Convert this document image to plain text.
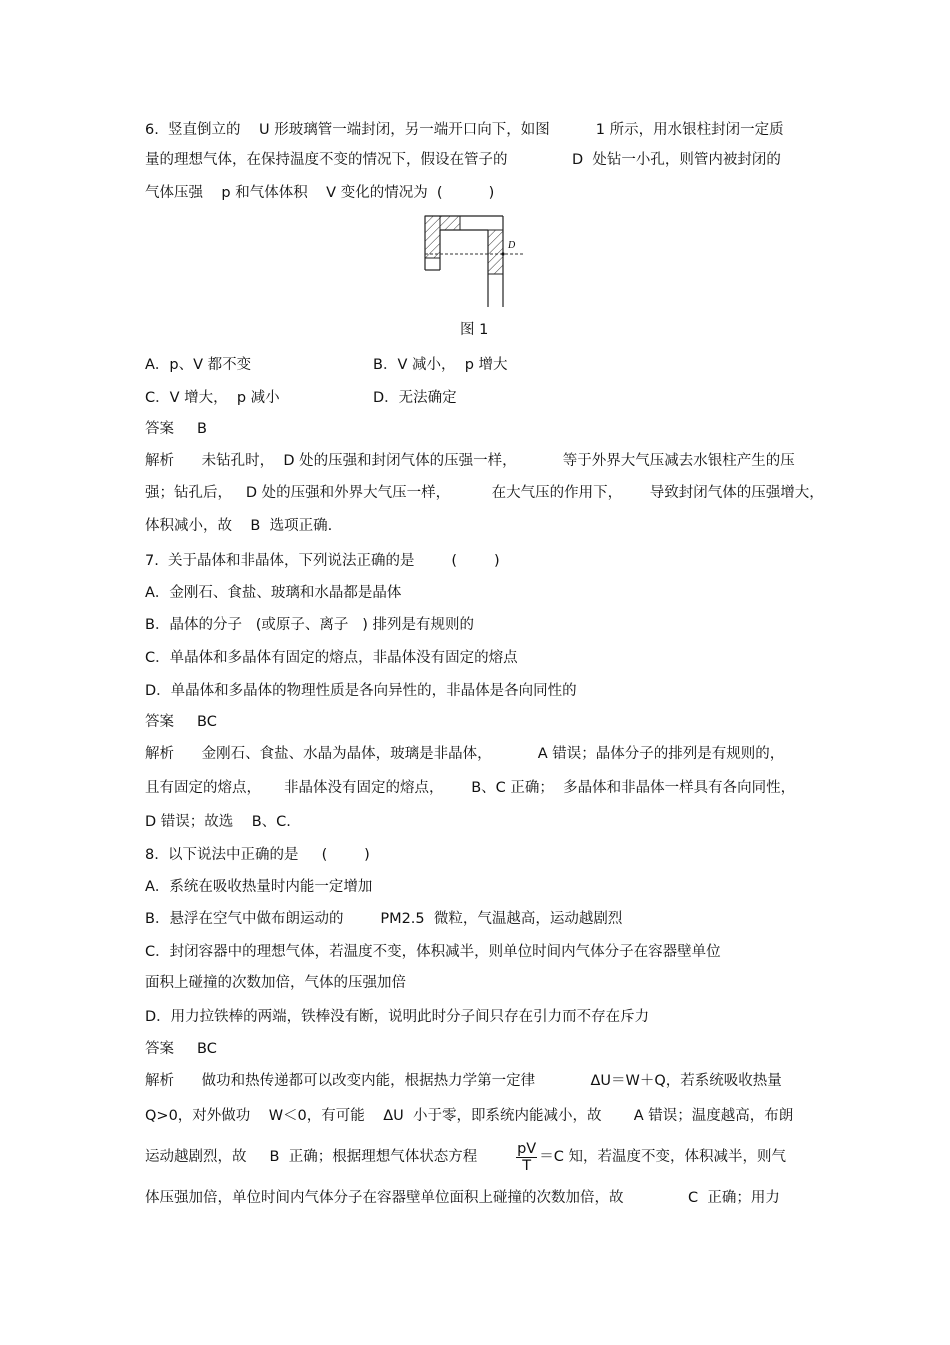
6.  竖直倒立的    U 形玻璃管一端封闭，另一端开口向下，如图          1 所示，用水银柱封闭一定质
量的理想气体，在保持温度不变的情况下，假设在管子的              D  处钻一小孔，则管内被封闭的
气体压强    p 和气体体积    V 变化的情况为  (          )
D
图 1
A．p、V 都不变	B．V 减小，  p 增大
C．V 增大，  p 减小	D．无法确定
答案     B
解析      未钻孔时，  D 处的压强和封闭气体的压强一样，          等于外界大气压减去水银柱产生的压
强；钻孔后，   D 处的压强和外界大气压一样，         在大气压的作用下，      导致封闭气体的压强增大，
体积减小，故    B  选项正确.
7.  关于晶体和非晶体，下列说法正确的是        (        )
A．金刚石、食盐、玻璃和水晶都是晶体
B．晶体的分子   (或原子、离子   ) 排列是有规则的
C．单晶体和多晶体有固定的熔点，非晶体没有固定的熔点
D．单晶体和多晶体的物理性质是各向异性的，非晶体是各向同性的
答案     BC
解析      金刚石、食盐、水晶为晶体，玻璃是非晶体，          A 错误；晶体分子的排列是有规则的，
且有固定的熔点，     非晶体没有固定的熔点，      B、C 正确；  多晶体和非晶体一样具有各向同性，
D 错误；故选    B、C.
8.  以下说法中正确的是     (        )
A．系统在吸收热量时内能一定增加
B．悬浮在空气中做布朗运动的        PM2.5  微粒，气温越高，运动越剧烈
C．封闭容器中的理想气体，若温度不变，体积减半，则单位时间内气体分子在容器壁单位
面积上碰撞的次数加倍，气体的压强加倍
D．用力拉铁棒的两端，铁棒没有断，说明此时分子间只存在引力而不存在斥力
答案     BC
解析      做功和热传递都可以改变内能，根据热力学第一定律            ΔU＝W＋Q，若系统吸收热量
Q>0，对外做功    W＜0，有可能    ΔU  小于零，即系统内能减小，故       A 错误；温度越高，布朗
运动越剧烈，故     B  正确；根据理想气体状态方程 $\frac{pV}{T} =C$ 知，若温度不变，体积减半，则气
体压强加倍，单位时间内气体分子在容器壁单位面积上碰撞的次数加倍，故              C  正确；用力
